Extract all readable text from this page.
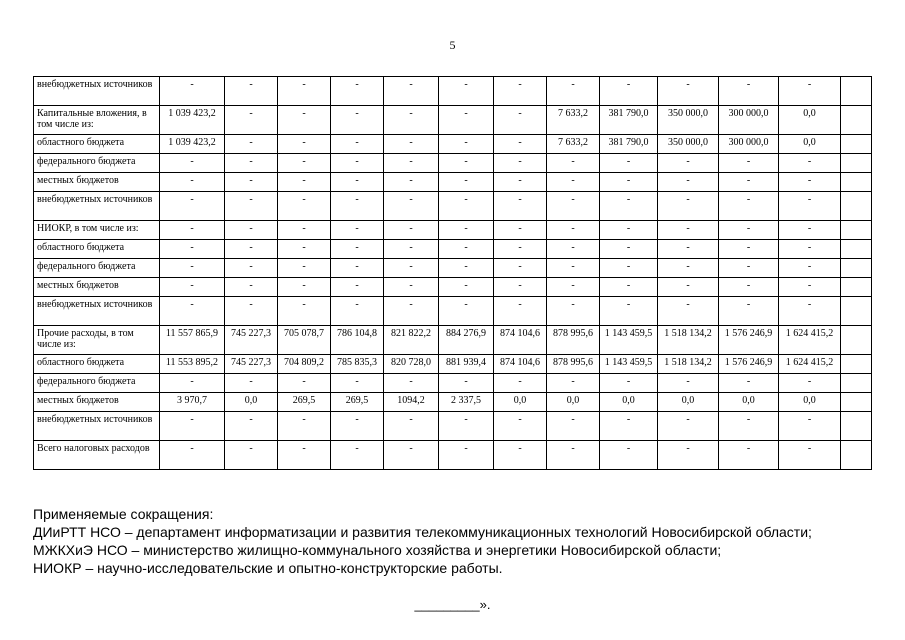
5
внебюджетных источников	-	-	-	-	-	-	-	-	-	-	-	-	
Капитальные вложения, в том числе из:	1 039 423,2	-	-	-	-	-	-	7 633,2	381 790,0	350 000,0	300 000,0	0,0	
областного бюджета	1 039 423,2	-	-	-	-	-	-	7 633,2	381 790,0	350 000,0	300 000,0	0,0	
федерального бюджета	-	-	-	-	-	-	-	-	-	-	-	-	
местных бюджетов	-	-	-	-	-	-	-	-	-	-	-	-	
внебюджетных источников	-	-	-	-	-	-	-	-	-	-	-	-	
НИОКР, в том числе из:	-	-	-	-	-	-	-	-	-	-	-	-	
областного бюджета	-	-	-	-	-	-	-	-	-	-	-	-	
федерального бюджета	-	-	-	-	-	-	-	-	-	-	-	-	
местных бюджетов	-	-	-	-	-	-	-	-	-	-	-	-	
внебюджетных источников	-	-	-	-	-	-	-	-	-	-	-	-	
Прочие расходы, в том числе из:	11 557 865,9	745 227,3	705 078,7	786 104,8	821 822,2	884 276,9	874 104,6	878 995,6	1 143 459,5	1 518 134,2	1 576 246,9	1 624 415,2	
областного бюджета	11 553 895,2	745 227,3	704 809,2	785 835,3	820 728,0	881 939,4	874 104,6	878 995,6	1 143 459,5	1 518 134,2	1 576 246,9	1 624 415,2	
федерального бюджета	-	-	-	-	-	-	-	-	-	-	-	-	
местных бюджетов	3 970,7	0,0	269,5	269,5	1094,2	2 337,5	0,0	0,0	0,0	0,0	0,0	0,0	
внебюджетных источников	-	-	-	-	-	-	-	-	-	-	-	-	
Всего налоговых расходов	-	-	-	-	-	-	-	-	-	-	-	-	
Применяемые сокращения:
ДИиРТТ НСО – департамент информатизации и развития телекоммуникационных технологий Новосибирской области;
МЖКХиЭ НСО – министерство жилищно-коммунального хозяйства и энергетики Новосибирской области;
НИОКР – научно-исследовательские и опытно-конструкторские работы.
_________».
